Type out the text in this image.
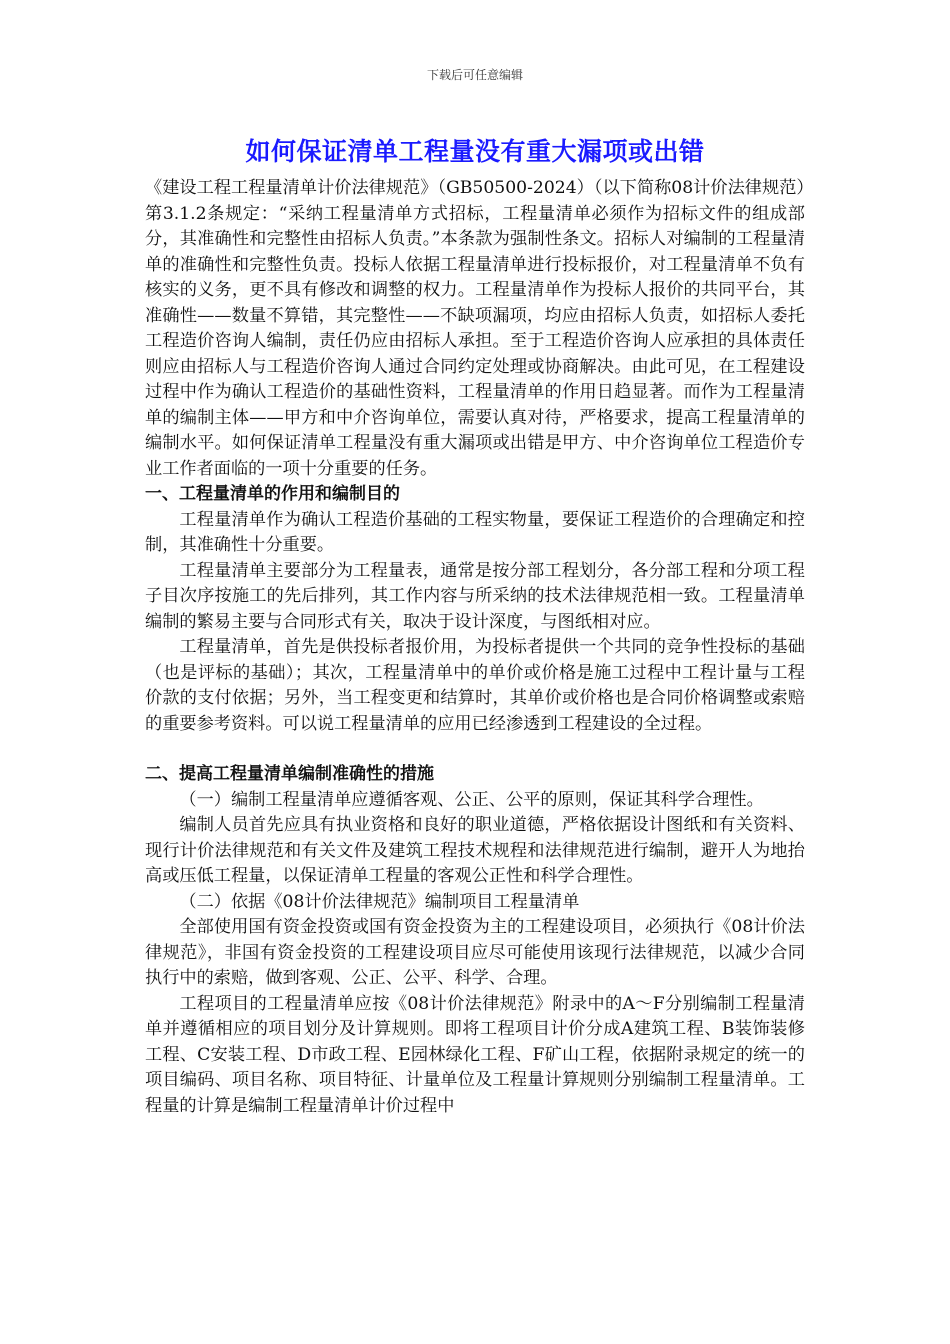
下载后可任意编辑
如何保证清单工程量没有重大漏项或出错

《建设工程工程量清单计价法律规范》（GB50500-2024）（以下简称08计价法律规范）第3.1.2条规定：“采纳工程量清单方式招标，工程量清单必须作为招标文件的组成部分，其准确性和完整性由招标人负责。”本条款为强制性条文。招标人对编制的工程量清单的准确性和完整性负责。投标人依据工程量清单进行投标报价，对工程量清单不负有核实的义务，更不具有修改和调整的权力。工程量清单作为投标人报价的共同平台，其准确性——数量不算错，其完整性——不缺项漏项，均应由招标人负责，如招标人委托工程造价咨询人编制，责任仍应由招标人承担。至于工程造价咨询人应承担的具体责任则应由招标人与工程造价咨询人通过合同约定处理或协商解决。由此可见，在工程建设过程中作为确认工程造价的基础性资料，工程量清单的作用日趋显著。而作为工程量清单的编制主体——甲方和中介咨询单位，需要认真对待，严格要求，提高工程量清单的编制水平。如何保证清单工程量没有重大漏项或出错是甲方、中介咨询单位工程造价专业工作者面临的一项十分重要的任务。

一、工程量清单的作用和编制目的

工程量清单作为确认工程造价基础的工程实物量，要保证工程造价的合理确定和控制，其准确性十分重要。

工程量清单主要部分为工程量表，通常是按分部工程划分，各分部工程和分项工程子目次序按施工的先后排列，其工作内容与所采纳的技术法律规范相一致。工程量清单编制的繁易主要与合同形式有关，取决于设计深度，与图纸相对应。

工程量清单，首先是供投标者报价用，为投标者提供一个共同的竞争性投标的基础（也是评标的基础）；其次，工程量清单中的单价或价格是施工过程中工程计量与工程价款的支付依据；另外，当工程变更和结算时，其单价或价格也是合同价格调整或索赔的重要参考资料。可以说工程量清单的应用已经渗透到工程建设的全过程。

二、提高工程量清单编制准确性的措施

（一）编制工程量清单应遵循客观、公正、公平的原则，保证其科学合理性。

编制人员首先应具有执业资格和良好的职业道德，严格依据设计图纸和有关资料、现行计价法律规范和有关文件及建筑工程技术规程和法律规范进行编制，避开人为地抬高或压低工程量，以保证清单工程量的客观公正性和科学合理性。

（二）依据《08计价法律规范》编制项目工程量清单

全部使用国有资金投资或国有资金投资为主的工程建设项目，必须执行《08计价法律规范》，非国有资金投资的工程建设项目应尽可能使用该现行法律规范，以减少合同执行中的索赔，做到客观、公正、公平、科学、合理。

工程项目的工程量清单应按《08计价法律规范》附录中的A～F分别编制工程量清单并遵循相应的项目划分及计算规则。即将工程项目计价分成A建筑工程、B装饰装修工程、C安装工程、D市政工程、E园林绿化工程、F矿山工程，依据附录规定的统一的项目编码、项目名称、项目特征、计量单位及工程量计算规则分别编制工程量清单。工程量的计算是编制工程量清单计价过程中
